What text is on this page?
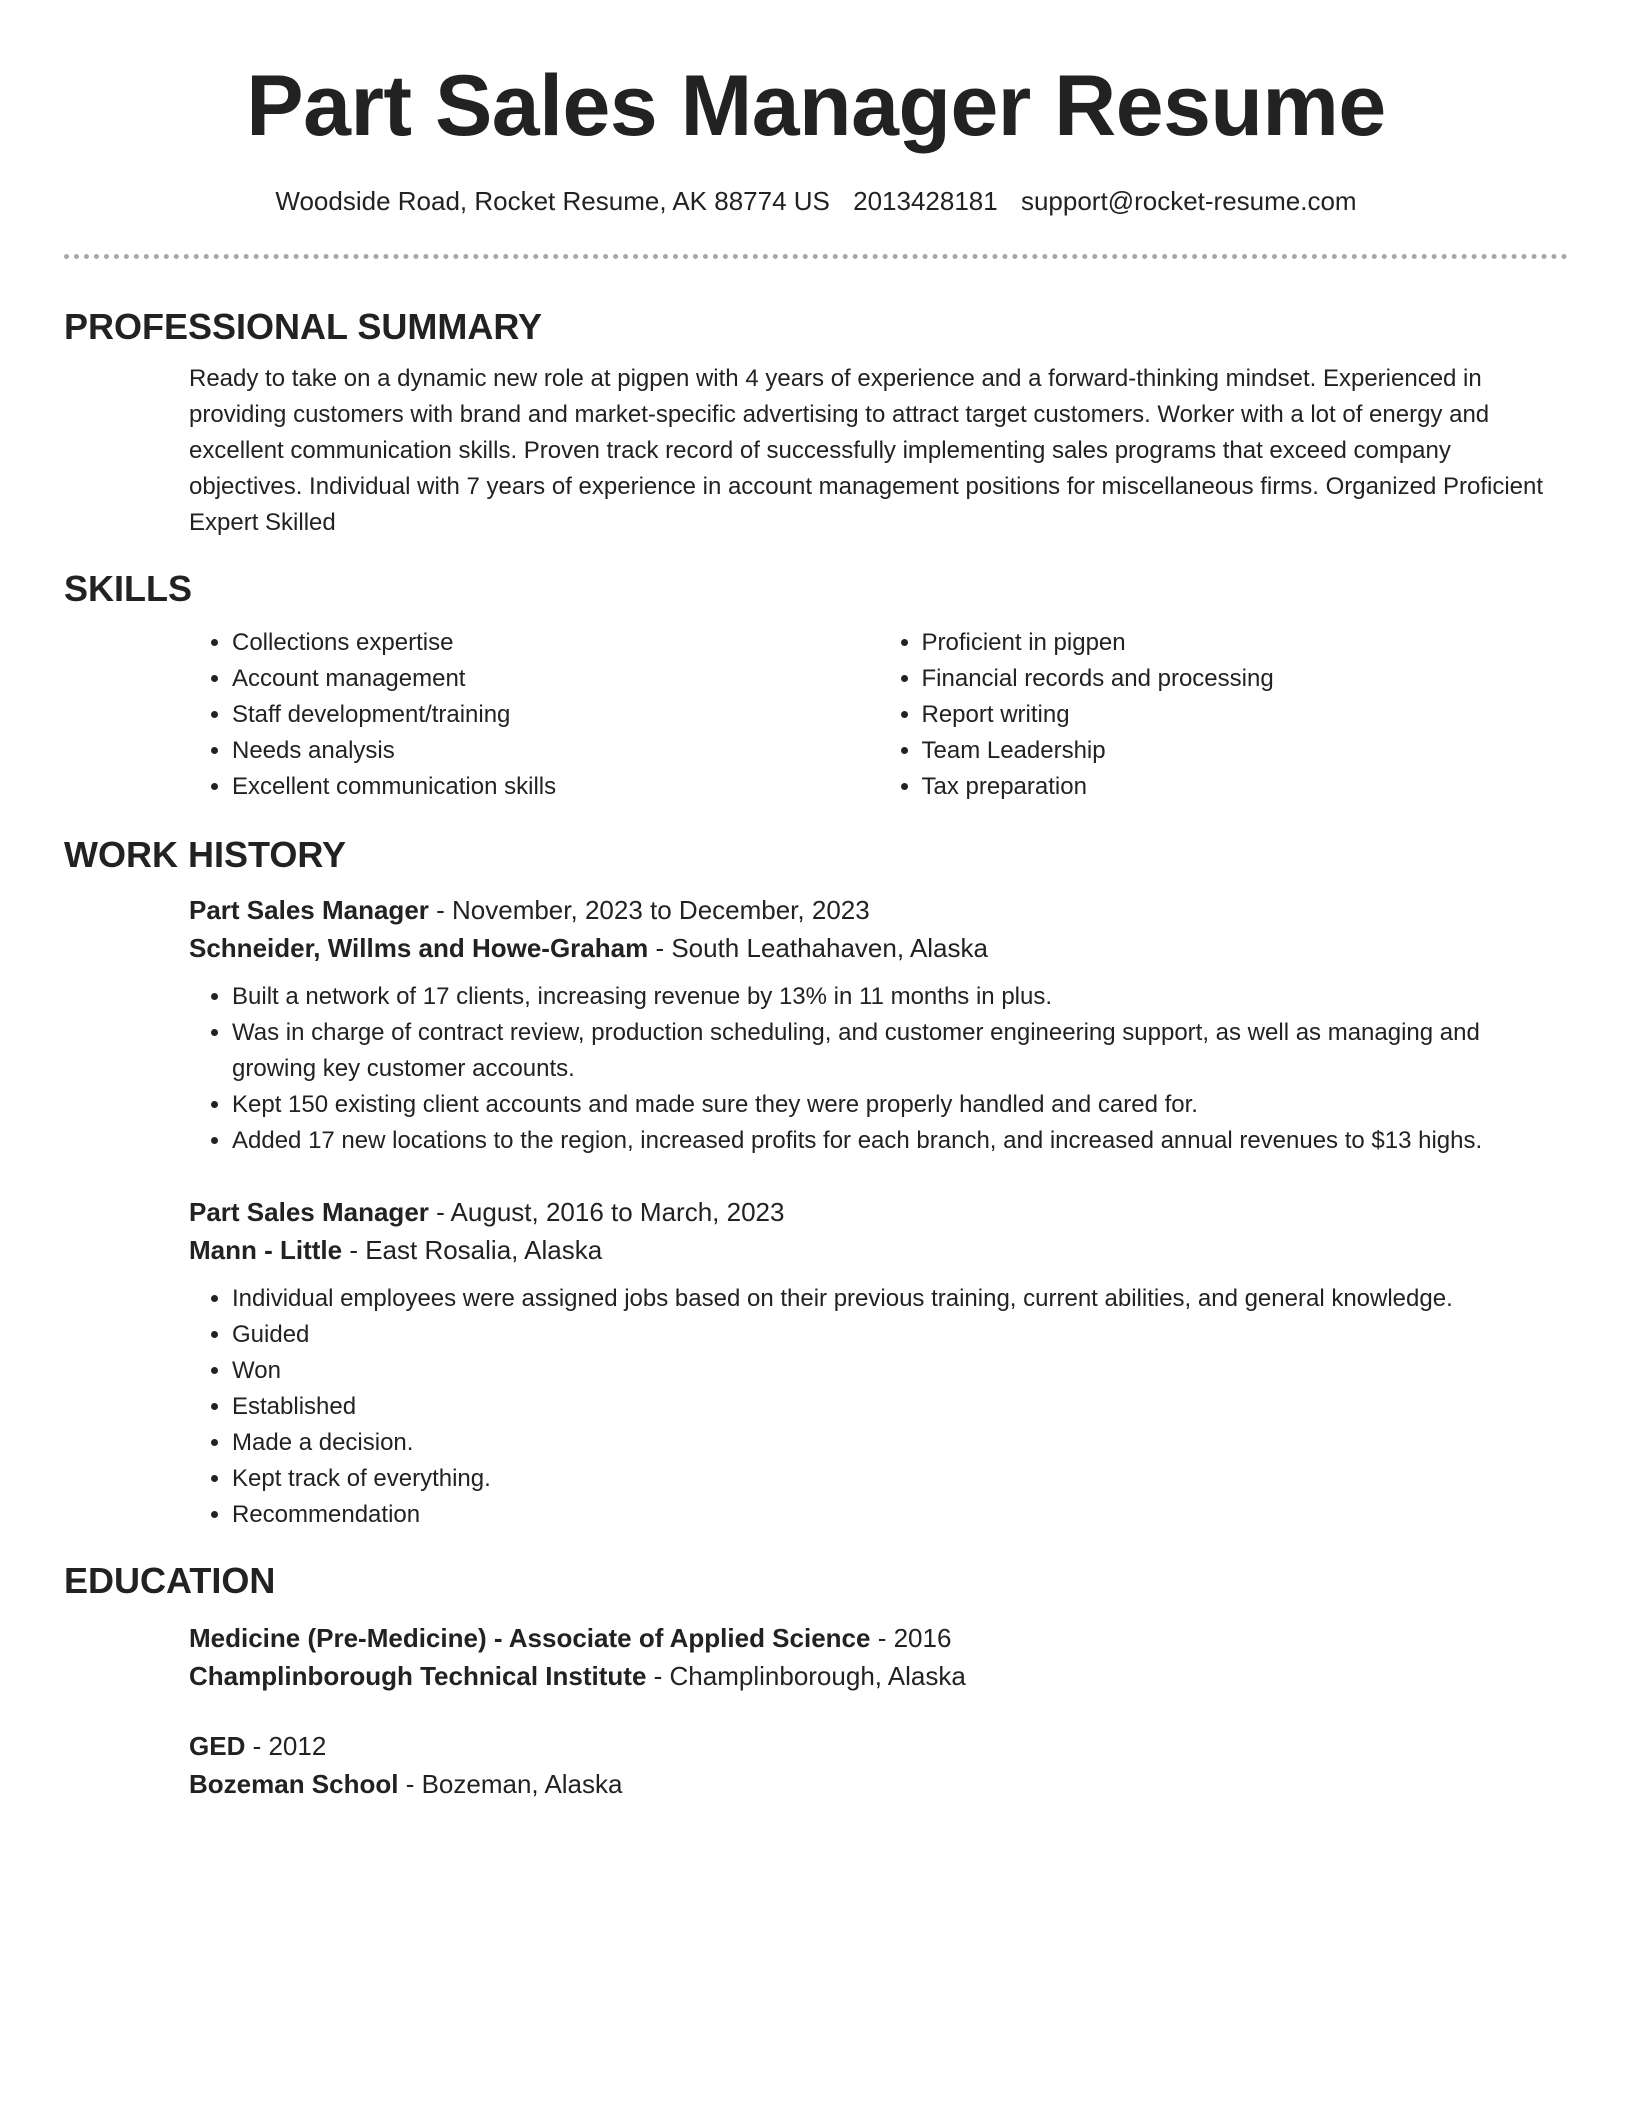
Part Sales Manager Resume
Woodside Road, Rocket Resume, AK 88774 US 2013428181 support@rocket-resume.com
PROFESSIONAL SUMMARY
Ready to take on a dynamic new role at pigpen with 4 years of experience and a forward-thinking mindset. Experienced in providing customers with brand and market-specific advertising to attract target customers. Worker with a lot of energy and excellent communication skills. Proven track record of successfully implementing sales programs that exceed company objectives. Individual with 7 years of experience in account management positions for miscellaneous firms. Organized Proficient Expert Skilled
SKILLS
• Collections expertise
• Account management
• Staff development/training
• Needs analysis
• Excellent communication skills
• Proficient in pigpen
• Financial records and processing
• Report writing
• Team Leadership
• Tax preparation
WORK HISTORY
Part Sales Manager - November, 2023 to December, 2023
Schneider, Willms and Howe-Graham - South Leathahaven, Alaska
• Built a network of 17 clients, increasing revenue by 13% in 11 months in plus.
• Was in charge of contract review, production scheduling, and customer engineering support, as well as managing and growing key customer accounts.
• Kept 150 existing client accounts and made sure they were properly handled and cared for.
• Added 17 new locations to the region, increased profits for each branch, and increased annual revenues to $13 highs.
Part Sales Manager - August, 2016 to March, 2023
Mann - Little - East Rosalia, Alaska
• Individual employees were assigned jobs based on their previous training, current abilities, and general knowledge.
• Guided
• Won
• Established
• Made a decision.
• Kept track of everything.
• Recommendation
EDUCATION
Medicine (Pre-Medicine) - Associate of Applied Science - 2016
Champlinborough Technical Institute - Champlinborough, Alaska
GED - 2012
Bozeman School - Bozeman, Alaska
